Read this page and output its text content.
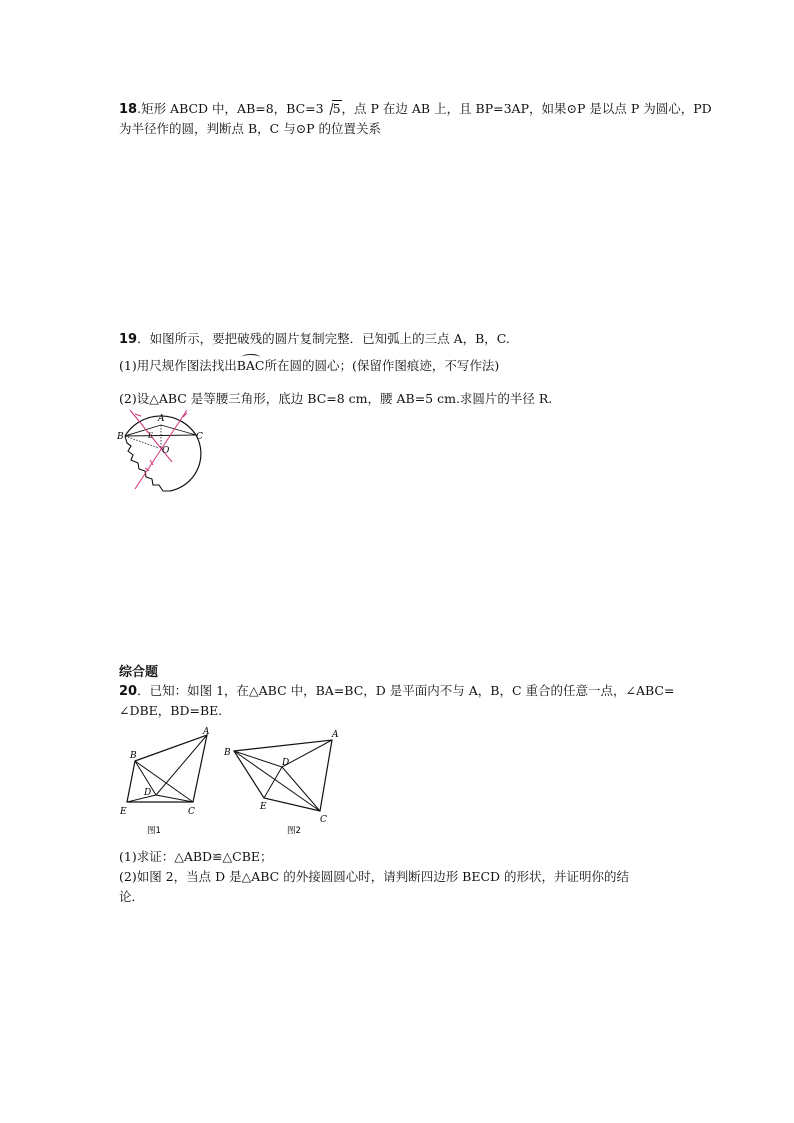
18.矩形 ABCD 中，AB=8，BC=3 5，点 P 在边 AB 上，且 BP=3AP，如果⊙P 是以点 P 为圆心，PD
为半径作的圆，判断点 B，C 与⊙P 的位置关系
19．如图所示，要把破残的圆片复制完整．已知弧上的三点 A，B，C.
(1)用尺规作图法找出BAC所在圆的圆心；(保留作图痕迹，不写作法)
(2)设△ABC 是等腰三角形，底边 BC=8 cm，腰 AB=5 cm.求圆片的半径 R.
A
B	C
O
E
综合题
20．已知：如图 1，在△ABC 中，BA=BC，D 是平面内不与 A，B，C 重合的任意一点，∠ABC=
∠DBE，BD=BE.
A
B
C
D
E
图1
A
B
C
D
E
图2
(1)求证：△ABD≌△CBE；
(2)如图 2，当点 D 是△ABC 的外接圆圆心时，请判断四边形 BECD 的形状，并证明你的结
论．
